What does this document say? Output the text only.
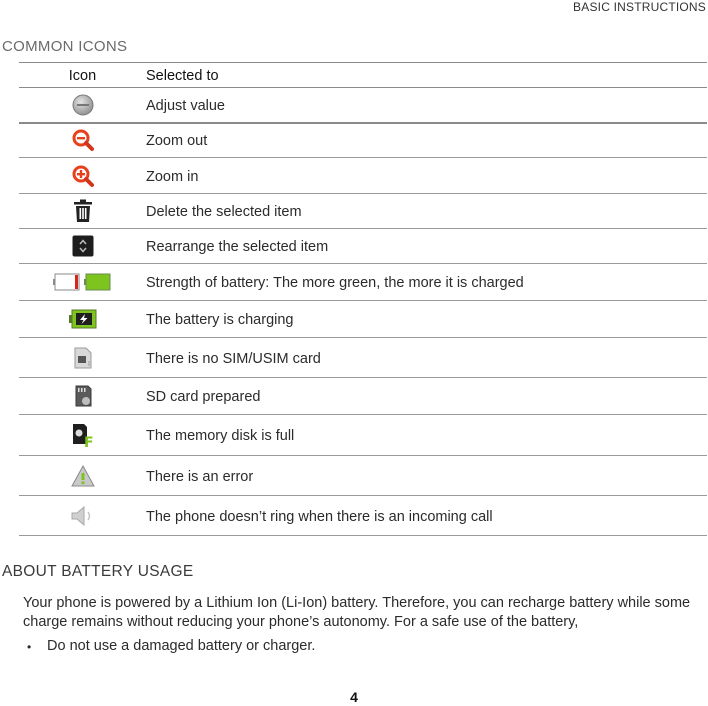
BASIC INSTRUCTIONS
COMMON ICONS
Icon	Selected to

	Adjust value

	Zoom out

	Zoom in

	Delete the selected item

	Rearrange the selected item

	Strength of battery: The more green, the more it is charged

	The battery is charging

	There is no SIM/USIM card

	SD card prepared

F	The memory disk is full

	There is an error

	The phone doesn’t ring when there is an incoming call
ABOUT BATTERY USAGE
Your phone is powered by a Lithium Ion (Li-Ion) battery. Therefore, you can recharge battery while some charge remains without reducing your phone’s autonomy. For a safe use of the battery,
• Do not use a damaged battery or charger.
4
